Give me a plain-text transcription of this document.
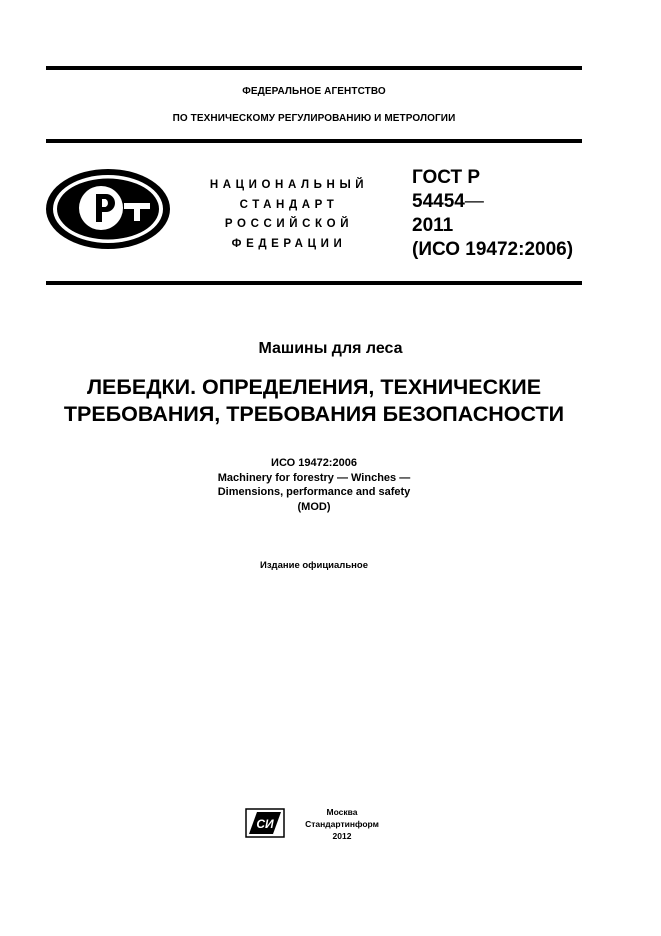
ФЕДЕРАЛЬНОЕ АГЕНТСТВО
ПО ТЕХНИЧЕСКОМУ РЕГУЛИРОВАНИЮ И МЕТРОЛОГИИ
НАЦИОНАЛЬНЫЙ
СТАНДАРТ
РОССИЙСКОЙ
ФЕДЕРАЦИИ
ГОСТ Р
54454—
2011
(ИСО 19472:2006)
Машины для леса
ЛЕБЕДКИ. ОПРЕДЕЛЕНИЯ, ТЕХНИЧЕСКИЕ
ТРЕБОВАНИЯ, ТРЕБОВАНИЯ БЕЗОПАСНОСТИ
ИСО 19472:2006
Machinery for forestry — Winches —
Dimensions, performance and safety
(MOD)
Издание официальное
СИ
Москва
Стандартинформ
2012
